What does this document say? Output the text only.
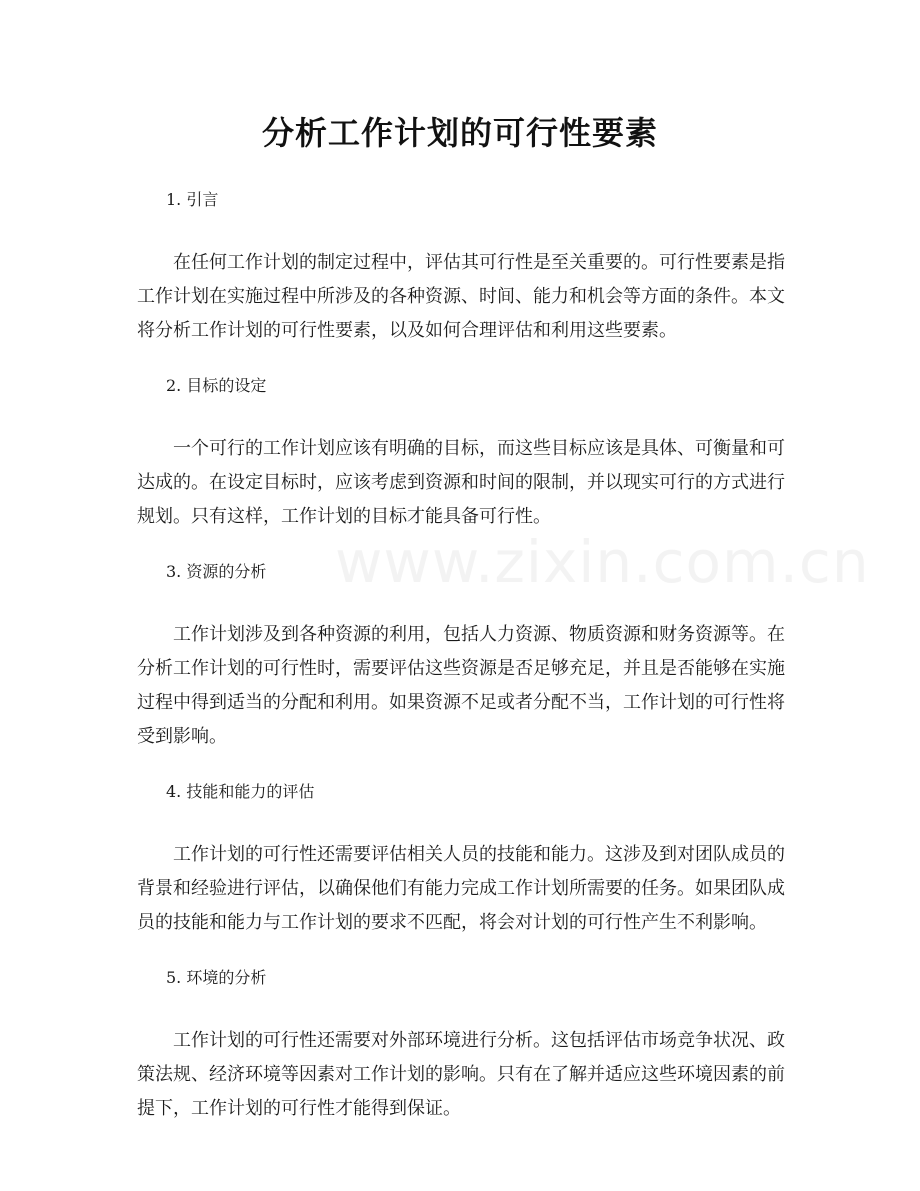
分析工作计划的可行性要素

1. 引言

在任何工作计划的制定过程中，评估其可行性是至关重要的。可行性要素是指工作计划在实施过程中所涉及的各种资源、时间、能力和机会等方面的条件。本文将分析工作计划的可行性要素，以及如何合理评估和利用这些要素。

2. 目标的设定

一个可行的工作计划应该有明确的目标，而这些目标应该是具体、可衡量和可达成的。在设定目标时，应该考虑到资源和时间的限制，并以现实可行的方式进行规划。只有这样，工作计划的目标才能具备可行性。

3. 资源的分析

工作计划涉及到各种资源的利用，包括人力资源、物质资源和财务资源等。在分析工作计划的可行性时，需要评估这些资源是否足够充足，并且是否能够在实施过程中得到适当的分配和利用。如果资源不足或者分配不当，工作计划的可行性将受到影响。

4. 技能和能力的评估

工作计划的可行性还需要评估相关人员的技能和能力。这涉及到对团队成员的背景和经验进行评估，以确保他们有能力完成工作计划所需要的任务。如果团队成员的技能和能力与工作计划的要求不匹配，将会对计划的可行性产生不利影响。

5. 环境的分析

工作计划的可行性还需要对外部环境进行分析。这包括评估市场竞争状况、政策法规、经济环境等因素对工作计划的影响。只有在了解并适应这些环境因素的前提下，工作计划的可行性才能得到保证。

www.zixin.com.cn
